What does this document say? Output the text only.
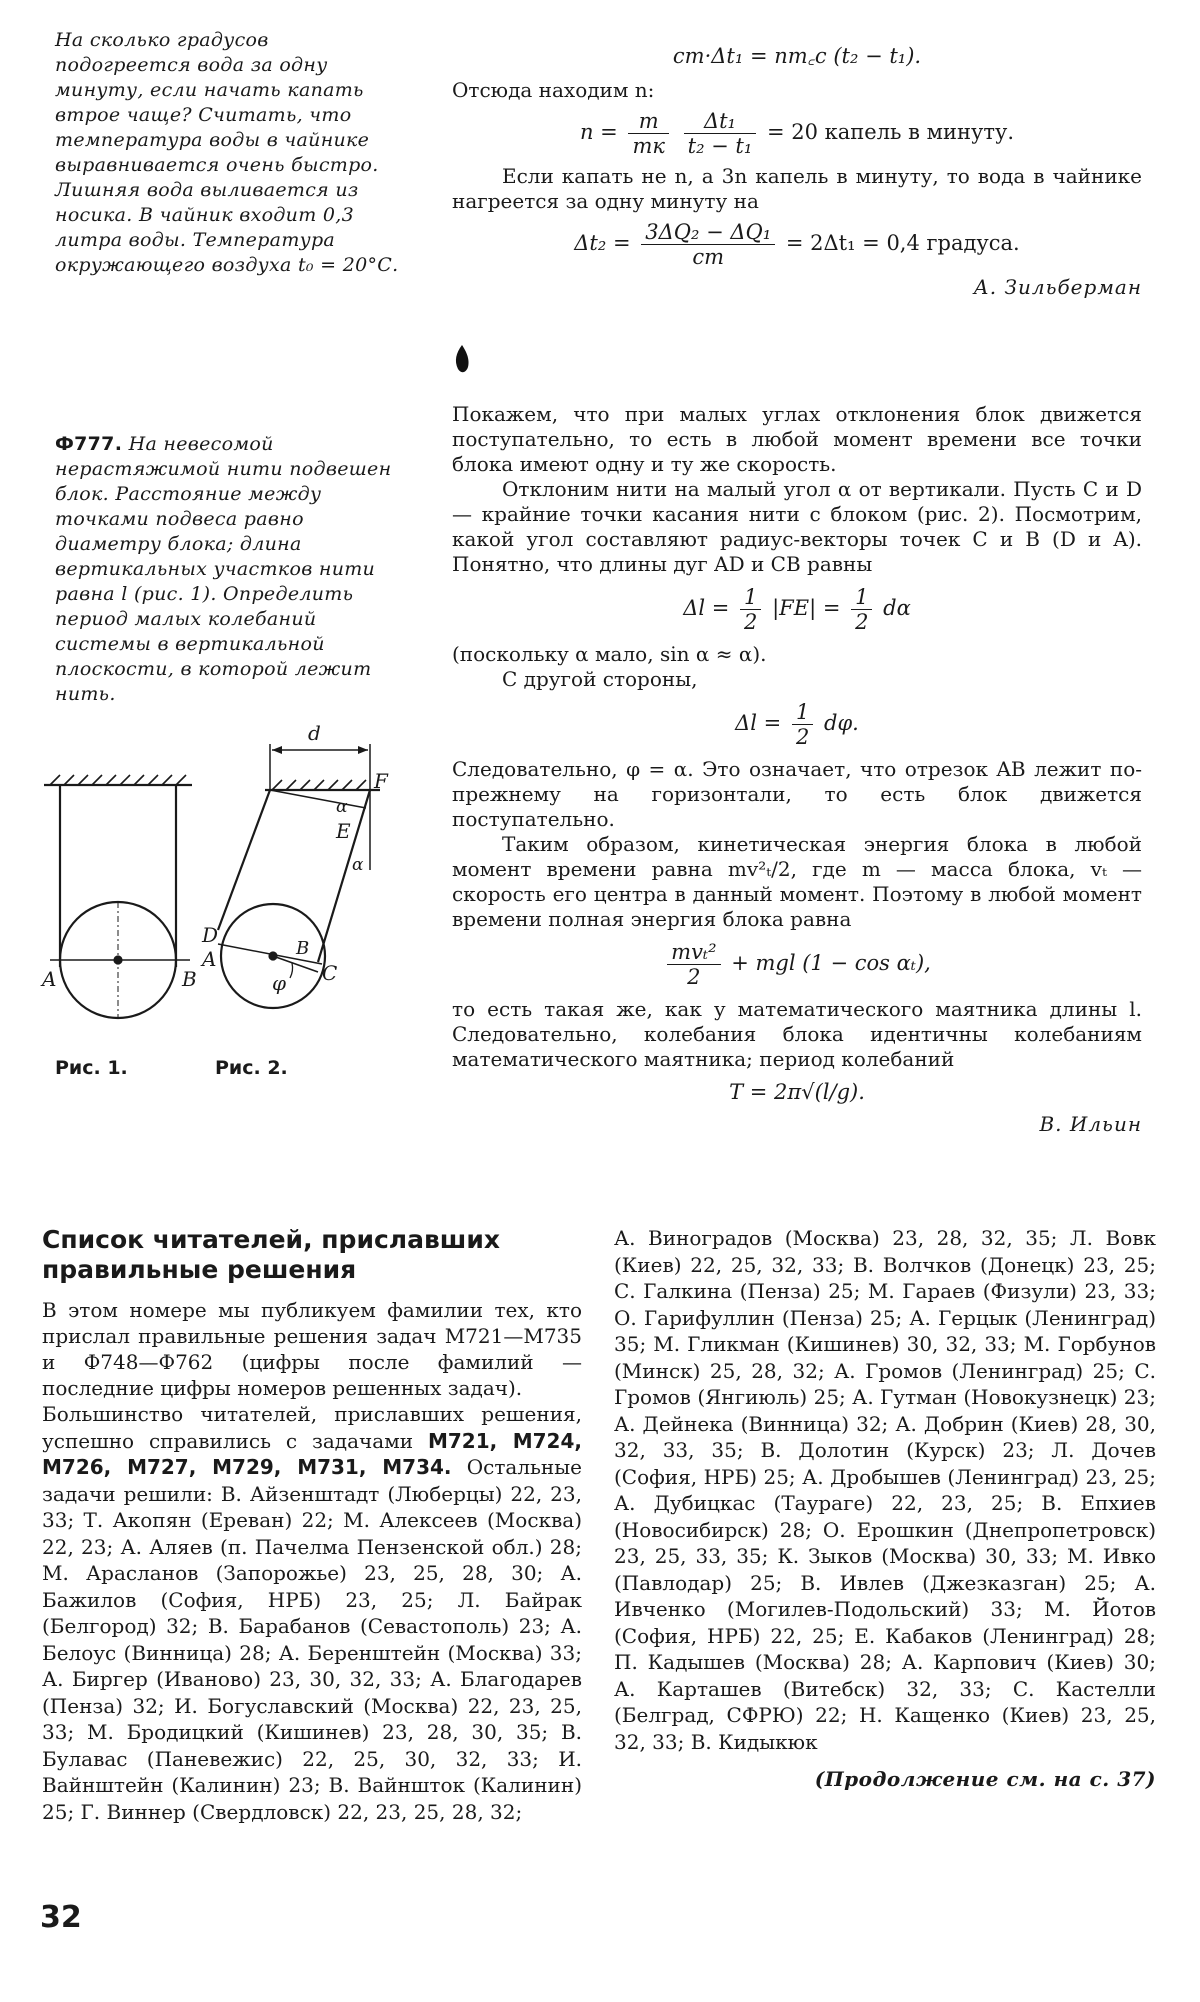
На сколько градусов подогреется вода за одну минуту, если начать капать втрое чаще? Считать, что температура воды в чайнике выравнивается очень быстро. Лишняя вода выливается из носика. В чайник входит 0,3 литра воды. Температура окружающего воздуха t₀ = 20°С.
cm·Δt₁ = nm꜀c (t₂ − t₁).
Отсюда находим n:
$n = \frac{m}{mк}$
$\frac{\text{Δt₁}}{\text{t₂ − t₁}} = 20$ капель в минуту.
Если капать не n, а 3n капель в минуту, то вода в чайнике нагреется за одну минуту на
$\Delta t_2 = \frac{\text{3ΔQ₂ − ΔQ₁}}{cm} = 2\Delta t_1 = 0,4$ градуса.
А. Зильберман
Ф777. На невесомой нерастяжимой нити подвешен блок. Расстояние между точками подвеса равно диаметру блока; длина вертикальных участков нити равна l (рис. 1). Определить период малых колебаний системы в вертикальной плоскости, в которой лежит нить.
d
F
α
E
α
D
B
A
φ C
A	B
Рис. 1.	Рис. 2.
Покажем, что при малых углах отклонения блок движется поступательно, то есть в любой момент времени все точки блока имеют одну и ту же скорость.
Отклоним нити на малый угол α от вертикали. Пусть C и D — крайние точки касания нити с блоком (рис. 2). Посмотрим, какой угол составляют радиус-векторы точек C и B (D и A). Понятно, что длины дуг AD и CB равны
$\Delta l = \frac{1}{2} |FE| = \frac{1}{2}$ dα
(поскольку α мало, sin α ≈ α).
С другой стороны,
$\Delta l = \frac{1}{2} d\varphi$.
Следовательно, φ = α. Это означает, что отрезок AB лежит по-прежнему на горизонтали, то есть блок движется поступательно.
Таким образом, кинетическая энергия блока в любой момент времени равна mv²ₜ/2, где m — масса блока, vₜ — скорость его центра в данный момент. Поэтому в любой момент времени полная энергия блока равна
$\frac{\text{mvₜ²}}{2}$ + mgl (1 − cos αₜ),
то есть такая же, как у математического маятника длины l. Следовательно, колебания блока идентичны колебаниям математического маятника; период колебаний
T = 2π√(l/g).
В. Ильин
Список читателей, приславших правильные решения
В этом номере мы публикуем фамилии тех, кто прислал правильные решения задач М721—М735 и Ф748—Ф762 (цифры после фамилий — последние цифры номеров решенных задач).
Большинство читателей, приславших решения, успешно справились с задачами М721, М724, М726, М727, М729, М731, М734. Остальные задачи решили: В. Айзенштадт (Люберцы) 22, 23, 33; Т. Акопян (Ереван) 22; М. Алексеев (Москва) 22, 23; А. Аляев (п. Пачелма Пензенской обл.) 28; М. Арасланов (Запорожье) 23, 25, 28, 30; А. Бажилов (София, НРБ) 23, 25; Л. Байрак (Белгород) 32; В. Барабанов (Севастополь) 23; А. Белоус (Винница) 28; А. Беренштейн (Москва) 33; А. Биргер (Иваново) 23, 30, 32, 33; А. Благодарев (Пенза) 32; И. Богуславский (Москва) 22, 23, 25, 33; М. Бродицкий (Кишинев) 23, 28, 30, 35; В. Булавас (Паневежис) 22, 25, 30, 32, 33; И. Вайнштейн (Калинин) 23; В. Вайншток (Калинин) 25; Г. Виннер (Свердловск) 22, 23, 25, 28, 32;
А. Виноградов (Москва) 23, 28, 32, 35; Л. Вовк (Киев) 22, 25, 32, 33; В. Волчков (Донецк) 23, 25; С. Галкина (Пенза) 25; М. Гараев (Физули) 23, 33; О. Гарифуллин (Пенза) 25; А. Герцык (Ленинград) 35; М. Гликман (Кишинев) 30, 32, 33; М. Горбунов (Минск) 25, 28, 32; А. Громов (Ленинград) 25; С. Громов (Янгиюль) 25; А. Гутман (Новокузнецк) 23; А. Дейнека (Винница) 32; А. Добрин (Киев) 28, 30, 32, 33, 35; В. Долотин (Курск) 23; Л. Дочев (София, НРБ) 25; А. Дробышев (Ленинград) 23, 25; А. Дубицкас (Таураге) 22, 23, 25; В. Епхиев (Новосибирск) 28; О. Ерошкин (Днепропетровск) 23, 25, 33, 35; К. Зыков (Москва) 30, 33; М. Ивко (Павлодар) 25; В. Ивлев (Джезказган) 25; А. Ивченко (Могилев-Подольский) 33; М. Йотов (София, НРБ) 22, 25; Е. Кабаков (Ленинград) 28; П. Кадышев (Москва) 28; А. Карпович (Киев) 30; А. Карташев (Витебск) 32, 33; С. Кастелли (Белград, СФРЮ) 22; Н. Кащенко (Киев) 23, 25, 32, 33; В. Кидыкюк
(Продолжение см. на с. 37)
32
